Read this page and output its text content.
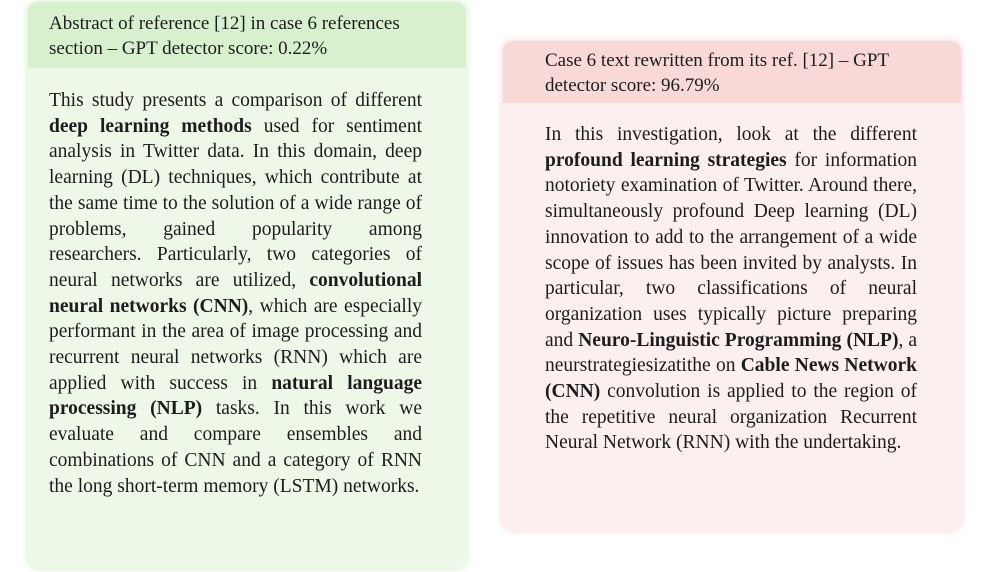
Abstract of reference [12] in case 6 references section – GPT detector score: 0.22%

This study presents a comparison of different deep learning methods used for sentiment analysis in Twitter data. In this domain, deep learning (DL) techniques, which contribute at the same time to the solution of a wide range of problems, gained popularity among researchers. Particularly, two categories of neural networks are utilized, convolutional neural networks (CNN), which are especially performant in the area of image processing and recurrent neural networks (RNN) which are applied with success in natural language processing (NLP) tasks. In this work we evaluate and compare ensembles and combinations of CNN and a category of RNN the long short-term memory (LSTM) networks.

Case 6 text rewritten from its ref. [12] – GPT detector score: 96.79%

In this investigation, look at the different profound learning strategies for information notoriety examination of Twitter. Around there, simultaneously profound Deep learning (DL) innovation to add to the arrangement of a wide scope of issues has been invited by analysts. In particular, two classifications of neural organization uses typically picture preparing and Neuro-Linguistic Programming (NLP), a neurstrategiesizatithe on Cable News Network (CNN) convolution is applied to the region of the repetitive neural organization Recurrent Neural Network (RNN) with the undertaking.
